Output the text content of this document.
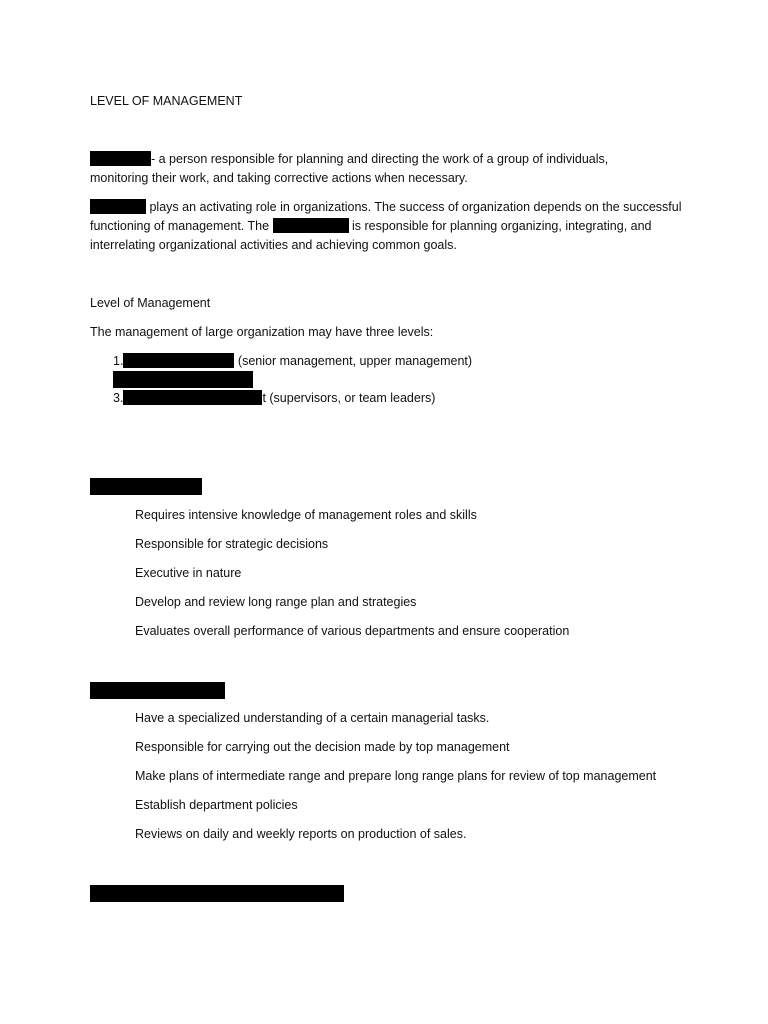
LEVEL OF MANAGEMENT
- a person responsible for planning and directing the work of a group of individuals,
monitoring their work, and taking corrective actions when necessary.
plays an activating role in organizations. The success of organization depends on the successful
functioning of management. The	is responsible for planning organizing, integrating, and
interrelating organizational activities and achieving common goals.
Level of Management
The management of large organization may have three levels:
1.	(senior management, upper management)
3.	t (supervisors, or team leaders)
Requires intensive knowledge of management roles and skills
Responsible for strategic decisions
Executive in nature
Develop and review long range plan and strategies
Evaluates overall performance of various departments and ensure cooperation
Have a specialized understanding of a certain managerial tasks.
Responsible for carrying out the decision made by top management
Make plans of intermediate range and prepare long range plans for review of top management
Establish department policies
Reviews on daily and weekly reports on production of sales.
